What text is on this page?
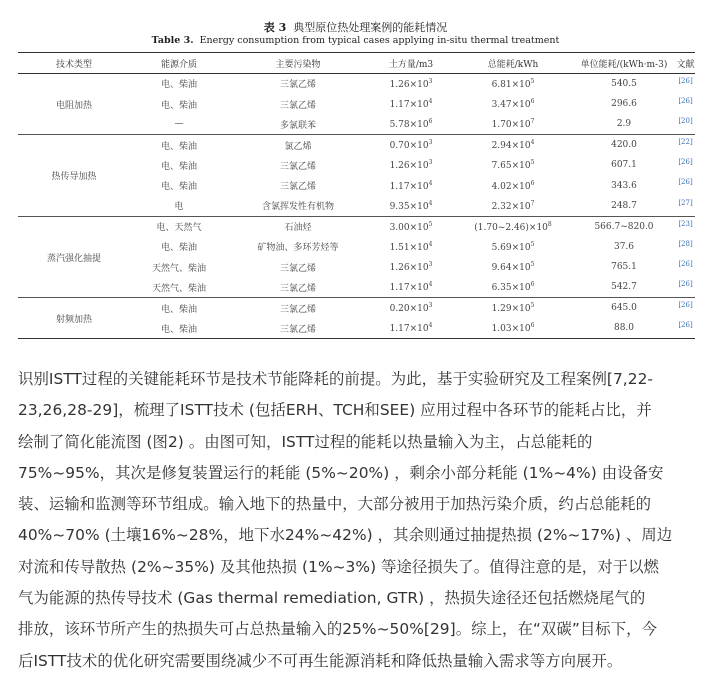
表 3 典型原位热处理案例的能耗情况
Table 3. Energy consumption from typical cases applying in-situ thermal treatment
技术类型	能源介质	主要污染物	土方量/m3	总能耗/kWh	单位能耗/(kWh·m-3)	文献
电阻加热	电、柴油	三氯乙烯	$1.26\times 10^3$	$6.81\times 10^5$	540.5	[26]
	电、柴油	三氯乙烯	$1.17\times 10^4$	$3.47\times 10^6$	296.6	[26]
	—	多氯联苯	$5.78\times 10^6$	$1.70\times 10^7$	2.9	[20]
热传导加热	电、柴油	氯乙烯	$0.70\times 10^3$	$2.94\times 10^4$	420.0	[22]
	电、柴油	三氯乙烯	$1.26\times 10^3$	$7.65\times 10^5$	607.1	[26]
	电、柴油	三氯乙烯	$1.17\times 10^4$	$4.02\times 10^6$	343.6	[26]
	电	含氯挥发性有机物	$9.35\times 10^4$	$2.32\times 10^7$	248.7	[27]
蒸汽强化抽提	电、天然气	石油烃	$3.00\times 10^5$	$(1.70\sim 2.46)\times 10^8$	566.7~820.0	[23]
	电、柴油	矿物油、多环芳烃等	$1.51\times 10^4$	$5.69\times 10^5$	37.6	[28]
	天然气、柴油	三氯乙烯	$1.26\times 10^3$	$9.64\times 10^5$	765.1	[26]
	天然气、柴油	三氯乙烯	$1.17\times 10^4$	$6.35\times 10^6$	542.7	[26]
射频加热	电、柴油	三氯乙烯	$0.20\times 10^3$	$1.29\times 10^5$	645.0	[26]
	电、柴油	三氯乙烯	$1.17\times 10^4$	$1.03\times 10^6$	88.0	[26]

识别ISTT过程的关键能耗环节是技术节能降耗的前提。为此，基于实验研究及工程案例[7,22-
23,26,28-29]，梳理了ISTT技术 (包括ERH、TCH和SEE) 应用过程中各环节的能耗占比，并
绘制了简化能流图 (图2) 。由图可知，ISTT过程的能耗以热量输入为主，占总能耗的
75%~95%，其次是修复装置运行的耗能 (5%~20%) ，剩余小部分耗能 (1%~4%) 由设备安
装、运输和监测等环节组成。输入地下的热量中，大部分被用于加热污染介质，约占总能耗的
40%~70% (土壤16%~28%，地下水24%~42%) ，其余则通过抽提热损 (2%~17%) 、周边
对流和传导散热 (2%~35%) 及其他热损 (1%~3%) 等途径损失了。值得注意的是，对于以燃
气为能源的热传导技术 (Gas thermal remediation, GTR) ，热损失途径还包括燃烧尾气的
排放，该环节所产生的热损失可占总热量输入的25%~50%[29]。综上，在“双碳”目标下，今
后ISTT技术的优化研究需要围绕减少不可再生能源消耗和降低热量输入需求等方向展开。
